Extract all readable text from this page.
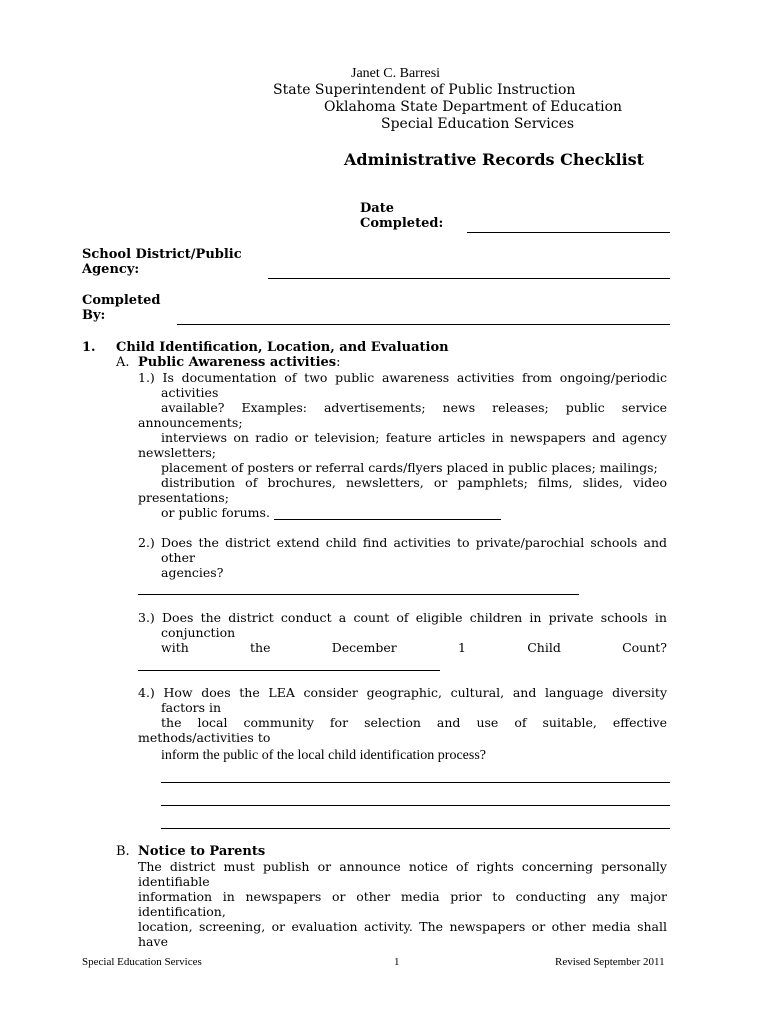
Janet C. Barresi
State Superintendent of Public Instruction
Oklahoma State Department of Education
Special Education Services
Administrative Records Checklist
Date
Completed:
School District/Public
Agency:
Completed
By:
1. Child Identification, Location, and Evaluation
A. Public Awareness activities:
1.) Is documentation of two public awareness activities from ongoing/periodic
activities
available? Examples: advertisements; news releases; public service
announcements;
interviews on radio or television; feature articles in newspapers and agency
newsletters;
placement of posters or referral cards/flyers placed in public places; mailings;
distribution of brochures, newsletters, or pamphlets; films, slides, video
presentations;
or public forums.
2.) Does the district extend child find activities to private/parochial schools and
other
agencies?
3.) Does the district conduct a count of eligible children in private schools in
conjunction
with	the	December	1	Child	Count?
4.) How does the LEA consider geographic, cultural, and language diversity
factors in
the local community for selection and use of suitable, effective
methods/activities to
inform the public of the local child identification process?
B. Notice to Parents
The district must publish or announce notice of rights concerning personally
identifiable
information in newspapers or other media prior to conducting any major
identification,
location, screening, or evaluation activity. The newspapers or other media shall
have
Special Education Services	1	Revised September 2011
